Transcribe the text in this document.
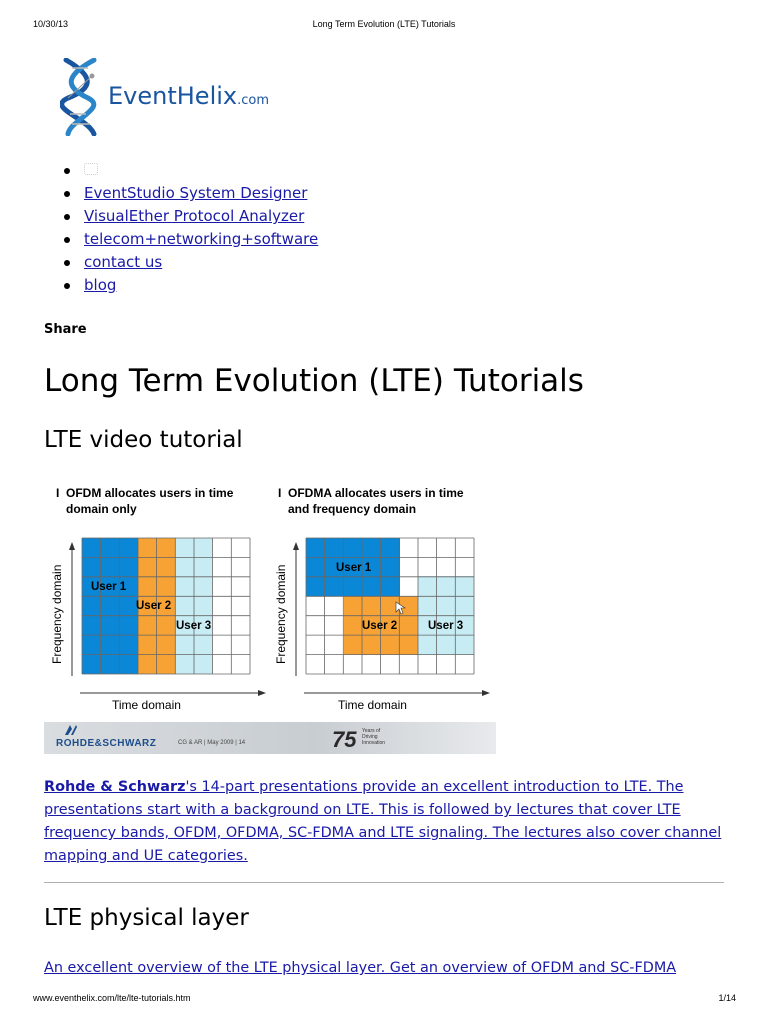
10/30/13	Long Term Evolution (LTE) Tutorials
EventHelix.com
EventStudio System Designer
VisualEther Protocol Analyzer
telecom+networking+software
contact us
blog
Share
Long Term Evolution (LTE) Tutorials
LTE video tutorial
I OFDM allocates users in time
domain only
I OFDMA allocates users in time
and frequency domain
Frequency domain	Frequency domain
Time domain	Time domain
User 1
User 2
User 3
User 1
User 2	User 3
ROHDE&SCHWARZ	CG & AR | May 2009 | 14	75 Years of Driving Innovation
Rohde & Schwarz's 14-part presentations provide an excellent introduction to LTE. The presentations start with a background on LTE. This is followed by lectures that cover LTE frequency bands, OFDM, OFDMA, SC-FDMA and LTE signaling. The lectures also cover channel mapping and UE categories.
LTE physical layer
An excellent overview of the LTE physical layer. Get an overview of OFDM and SC-FDMA
www.eventhelix.com/lte/lte-tutorials.htm	1/14
